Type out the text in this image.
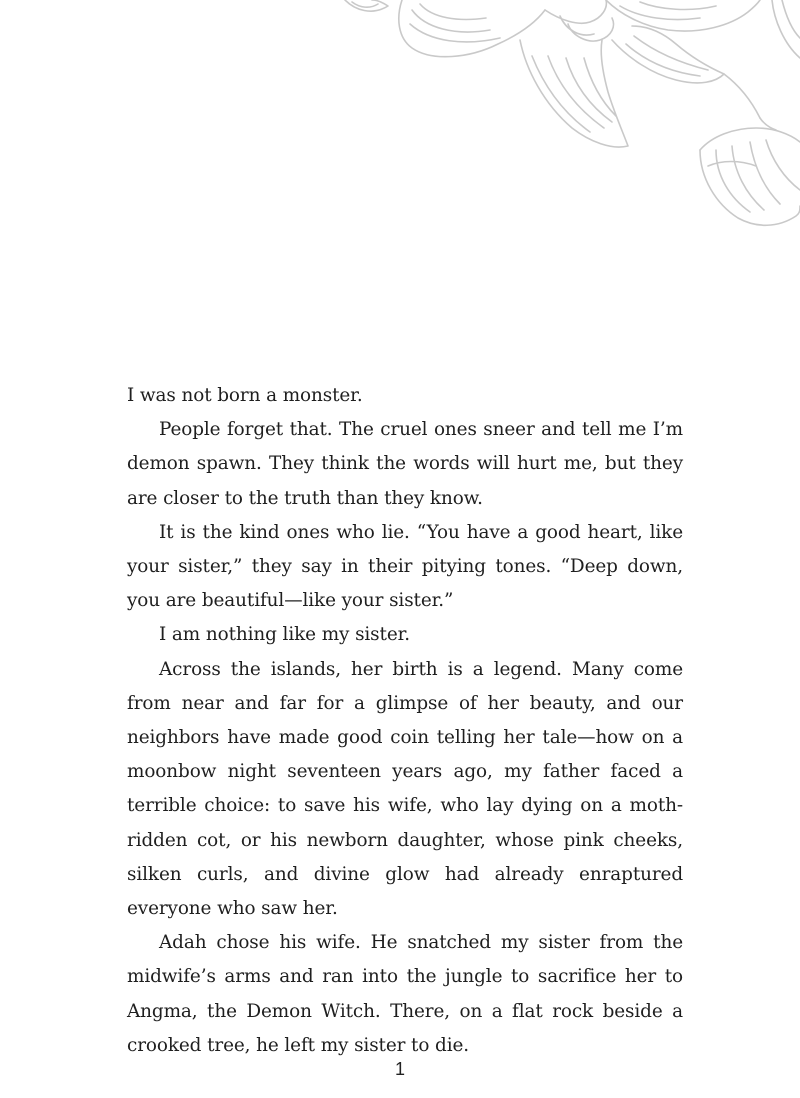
I was not born a monster.

People forget that. The cruel ones sneer and tell me I’m demon spawn. They think the words will hurt me, but they are closer to the truth than they know.

It is the kind ones who lie. “You have a good heart, like your sister,” they say in their pitying tones. “Deep down, you are beautiful—like your sister.”

I am nothing like my sister.

Across the islands, her birth is a legend. Many come from near and far for a glimpse of her beauty, and our neighbors have made good coin telling her tale—how on a moonbow night seventeen years ago, my father faced a terrible choice: to save his wife, who lay dying on a moth-ridden cot, or his newborn daughter, whose pink cheeks, silken curls, and divine glow had already enraptured everyone who saw her.

Adah chose his wife. He snatched my sister from the midwife’s arms and ran into the jungle to sacrifice her to Angma, the Demon Witch. There, on a flat rock beside a crooked tree, he left my sister to die.

1
